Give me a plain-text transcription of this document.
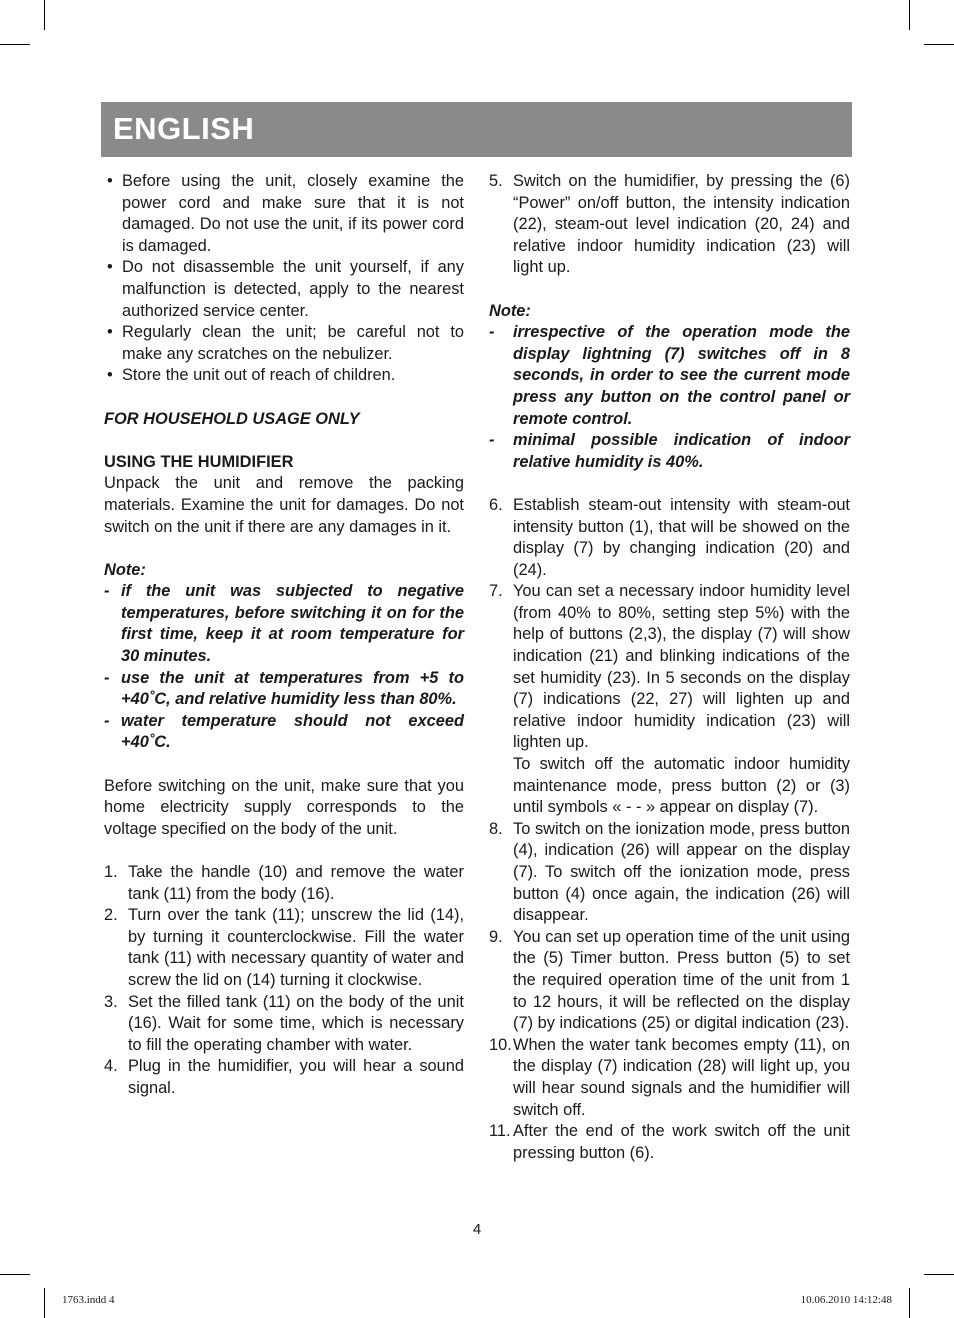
ENGLISH
• Before using the unit, closely examine the power cord and make sure that it is not damaged. Do not use the unit, if its power cord is damaged.
• Do not disassemble the unit yourself, if any malfunction is detected, apply to the nearest authorized service center.
• Regularly clean the unit; be careful not to make any scratches on the nebulizer.
• Store the unit out of reach of children.

FOR HOUSEHOLD USAGE ONLY

USING THE HUMIDIFIER

Unpack the unit and remove the packing materials. Examine the unit for damages. Do not switch on the unit if there are any damages in it.

Note:

- if the unit was subjected to negative temperatures, before switching it on for the first time, keep it at room temperature for 30 minutes.
- use the unit at temperatures from +5 to +40˚C, and relative humidity less than 80%.
- water temperature should not exceed +40˚C.

Before switching on the unit, make sure that you home electricity supply corresponds to the voltage specified on the body of the unit.

1. Take the handle (10) and remove the water tank (11) from the body (16).
2. Turn over the tank (11); unscrew the lid (14), by turning it counterclockwise. Fill the water tank (11) with necessary quantity of water and screw the lid on (14) turning it clockwise.
3. Set the filled tank (11) on the body of the unit (16). Wait for some time, which is necessary to fill the operating chamber with water.
4. Plug in the humidifier, you will hear a sound signal.
5. Switch on the humidifier, by pressing the (6) “Power” on/off button, the intensity indication (22), steam-out level indication (20, 24) and relative indoor humidity indication (23) will light up.

Note:

- irrespective of the operation mode the display lightning (7) switches off in 8 seconds, in order to see the current mode press any button on the control panel or remote control.
- minimal possible indication of indoor relative humidity is 40%.
6. Establish steam-out intensity with steam-out intensity button (1), that will be showed on the display (7) by changing indication (20) and (24).
7. You can set a necessary indoor humidity level (from 40% to 80%, setting step 5%) with the help of buttons (2,3), the display (7) will show indication (21) and blinking indications of the set humidity (23). In 5 seconds on the display (7) indications (22, 27) will lighten up and relative indoor humidity indication (23) will lighten up.
To switch off the automatic indoor humidity maintenance mode, press button (2) or (3) until symbols « - - » appear on display (7).
8. To switch on the ionization mode, press button (4), indication (26) will appear on the display (7). To switch off the ionization mode, press button (4) once again, the indication (26) will disappear.
9. You can set up operation time of the unit using the (5) Timer button. Press button (5) to set the required operation time of the unit from 1 to 12 hours, it will be reflected on the display (7) by indications (25) or digital indication (23).
10. When the water tank becomes empty (11), on the display (7) indication (28) will light up, you will hear sound signals and the humidifier will switch off.
11. After the end of the work switch off the unit pressing button (6).
4
1763.indd 4	10.06.2010 14:12:48
